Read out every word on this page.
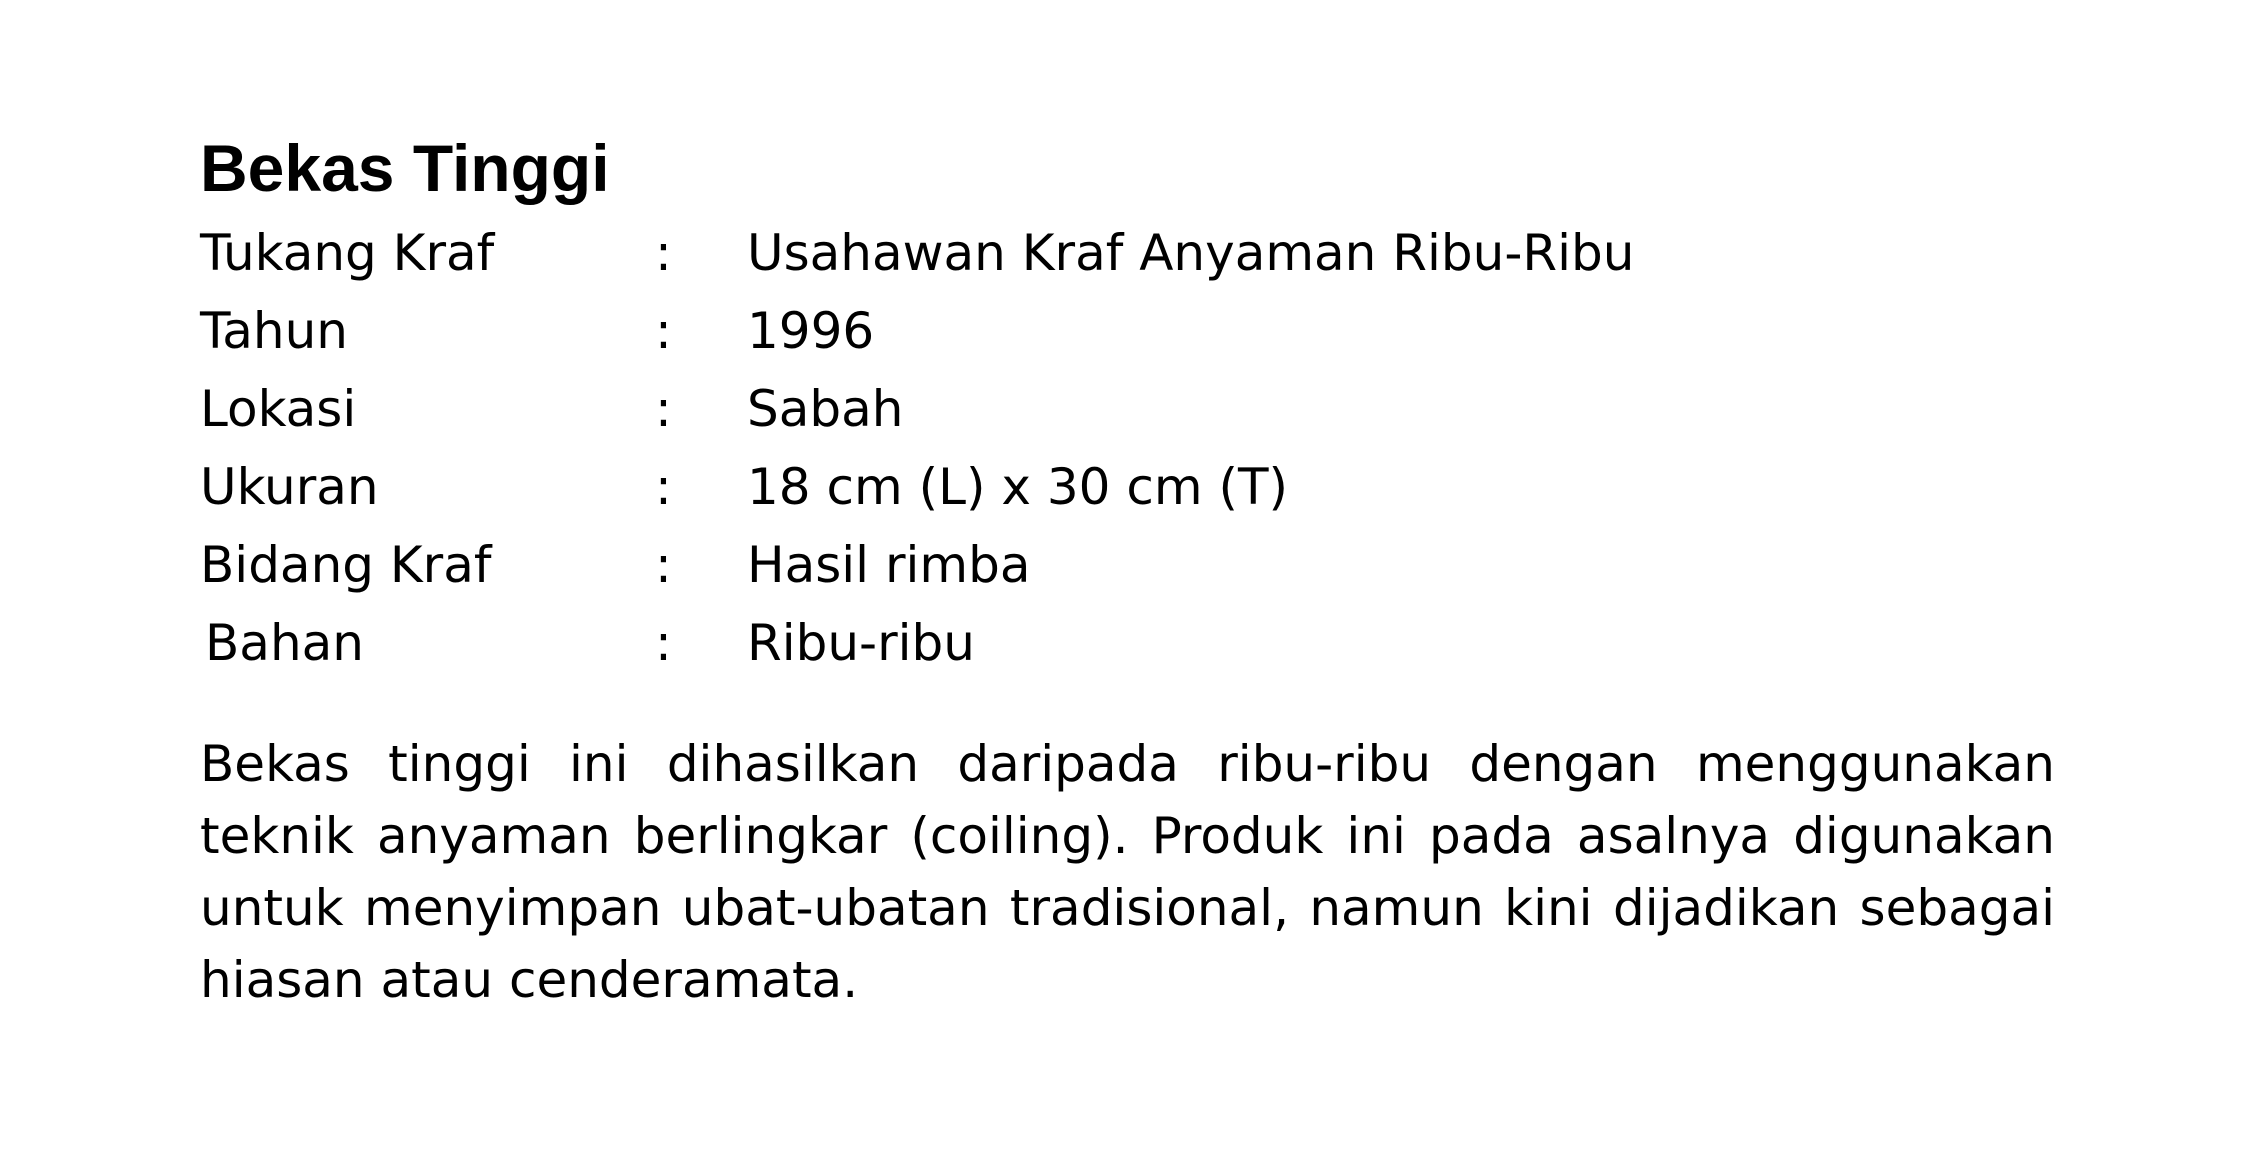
Bekas Tinggi
Tukang Kraf	:	Usahawan Kraf Anyaman Ribu-Ribu
Tahun	:	1996
Lokasi	:	Sabah
Ukuran	:	18 cm (L) x 30 cm (T)
Bidang Kraf	:	Hasil rimba
Bahan	:	Ribu-ribu

Bekas tinggi ini dihasilkan daripada ribu-ribu dengan menggunakan teknik anyaman berlingkar (coiling). Produk ini pada asalnya digunakan untuk menyimpan ubat-ubatan tradisional, namun kini dijadikan sebagai hiasan atau cenderamata.
